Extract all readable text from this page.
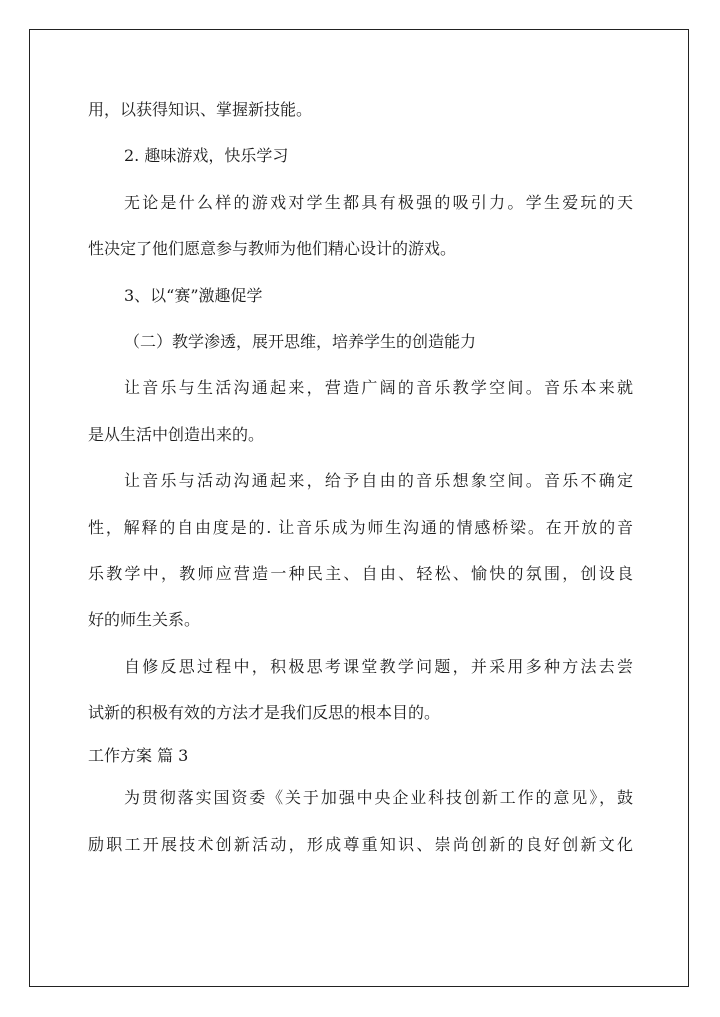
用，以获得知识、掌握新技能。
2. 趣味游戏，快乐学习
无论是什么样的游戏对学生都具有极强的吸引力。学生爱玩的天
性决定了他们愿意参与教师为他们精心设计的游戏。
3、以“赛”激趣促学
（二）教学渗透，展开思维，培养学生的创造能力
让音乐与生活沟通起来，营造广阔的音乐教学空间。音乐本来就
是从生活中创造出来的。
让音乐与活动沟通起来，给予自由的音乐想象空间。音乐不确定
性，解释的自由度是的. 让音乐成为师生沟通的情感桥梁。在开放的音
乐教学中，教师应营造一种民主、自由、轻松、愉快的氛围，创设良
好的师生关系。
自修反思过程中，积极思考课堂教学问题，并采用多种方法去尝
试新的积极有效的方法才是我们反思的根本目的。
工作方案 篇 3
为贯彻落实国资委《关于加强中央企业科技创新工作的意见》，鼓
励职工开展技术创新活动，形成尊重知识、崇尚创新的良好创新文化
